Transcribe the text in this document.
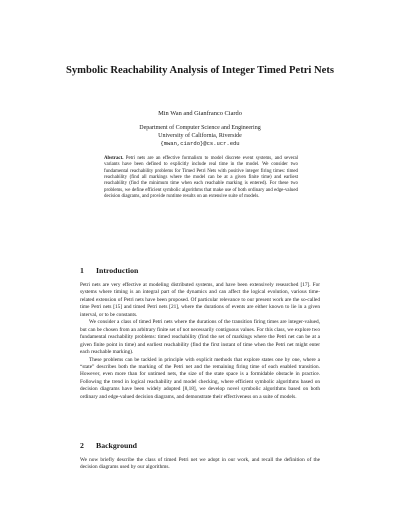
Symbolic Reachability Analysis of Integer Timed Petri Nets
Min Wan and Gianfranco Ciardo
Department of Computer Science and Engineering
University of California, Riverside
{mwan,ciardo}@cs.ucr.edu

Abstract. Petri nets are an effective formalism to model discrete event systems, and several variants have been defined to explicitly include real time in the model. We consider two fundamental reachability problems for Timed Petri Nets with positive integer firing times: timed reachability (find all markings where the model can be at a given finite time) and earliest reachability (find the minimum time when each reachable marking is entered). For these two problems, we define efficient symbolic algorithms that make use of both ordinary and edge-valued decision diagrams, and provide runtime results on an extensive suite of models.

1 Introduction

Petri nets are very effective at modeling distributed systems, and have been extensively researched [17]. For systems where timing is an integral part of the dynamics and can affect the logical evolution, various time-related extension of Petri nets have been proposed. Of particular relevance to our present work are the so-called time Petri nets [15] and timed Petri nets [21], where the durations of events are either known to lie in a given interval, or to be constants.

We consider a class of timed Petri nets where the durations of the transition firing times are integer-valued, but can be chosen from an arbitrary finite set of not necessarily contiguous values. For this class, we explore two fundamental reachability problems: timed reachability (find the set of markings where the Petri net can be at a given finite point in time) and earliest reachability (find the first instant of time when the Petri net might enter each reachable marking).

These problems can be tackled in principle with explicit methods that explore states one by one, where a “state” describes both the marking of the Petri net and the remaining firing time of each enabled transition. However, even more than for untimed nets, the size of the state space is a formidable obstacle in practice. Following the trend in logical reachability and model checking, where efficient symbolic algorithms based on decision diagrams have been widely adopted [8,18], we develop novel symbolic algorithms based on both ordinary and edge-valued decision diagrams, and demonstrate their effectiveness on a suite of models.

2 Background

We now briefly describe the class of timed Petri net we adopt in our work, and recall the definition of the decision diagrams used by our algorithms.
